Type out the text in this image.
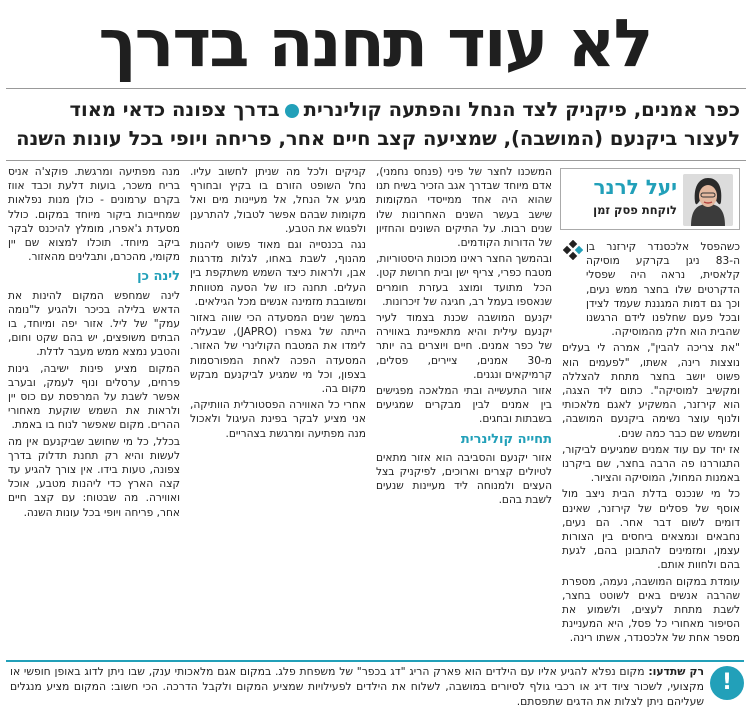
לא עוד תחנה בדרך
כפר אמנים, פיקניק לצד הנחל והפתעה קולינריתבדרך צפונה כדאי מאוד
לעצור ביקנעם (המושבה), שמציעה קצב חיים אחר, פריחה ויופי בכל עונות השנה
יעל לרנר
לוקחת פסק זמן

כשהפסל אלכסנדר קירזנר בן ה-83 ניגן בקרקע מוסיקה קלאסית, נראה היה שפסלי הדקרטים שלו בחצר ממש נעים, וכך גם דמות המגננת שעמד לצידן ובכל פעם שחלפנו לידם הרגשנו שהבית הוא חלק מהמוסיקה.

"את צריכה להבין", אמרה לי בעלים נוצצות רינה, אשתו, "לפעמים הוא פשוט יושב בחצר מתחת להצללה ומקשיב למוסיקה". כתום ליד הצגה, הוא קירזנר, המשקיע לאגם מלאכותי ולנוף עוצר נשימה ביקנעם המושבה, ומשמש שם כבר כמה שנים.

אז יחד עם עוד אמנים שמגיעים לביקור, התגוררנו פה הרבה בחצר, שם ביקרנו באמנות המחול, המוסיקה והציור.

כל מי שנכנס בדלת הבית ניצב מול אוסף של פסלים של קירזנר, שאינם דומים לשום דבר אחר. הם נעים, נחבאים ונמצאים ביחסים בין הצורות עצמן, ומזמינים להתבונן בהם, לגעת בהם ולחוות אותם.

עומדת במקום המושבה, נעמה, מספרת שהרבה אנשים באים לשוטט בחצר, לשבת מתחת לעצים, ולשמוע את הסיפור מאחורי כל פסל, היא המעניינת מספר אחת של אלכסנדר, אשתו רינה.

המשכנו לחצר של פיני (פנחס נחמני), אדם מיוחד שבדרך אגב הזכיר בשיח תנו שהוא היה אחד ממייסדי המקומות שישב בעשר השנים האחרונות שלו שנים רבות. על התיקים השונים והחזיון של הדורות הקודמים.

ובהמשך החצר ראינו מכונות היסטוריות, מטבח כפרי, צריף ישן ובית חרושת קטן. הכל מתועד ומוצג בעזרת חומרים שנאספו בעמל רב, חגיגה של זיכרונות.

יקנעם המושבה שכנת בצמוד לעיר יקנעם עילית והיא מתאפיינת באווירה של כפר אמנים. חיים ויוצרים בה יותר מ-30 אמנים, ציירים, פסלים, קרמיקאים ונגנים.

אזור התעשייה ובתי המלאכה מפגישים בין אמנים לבין מבקרים שמגיעים בשבתות ובחגים.

תחייה קולינרית

אזור יקנעם והסביבה הוא אזור מתאים לטיולים קצרים וארוכים, לפיקניק בצל העצים ולמנוחה ליד מעיינות שנעים לשבת בהם.

קניקים ולכל מה שניתן לחשוב עליו. נחל השופט הזורם בו בקיץ ובחורף מגיע אל הנחל, אל מעיינות מים ואל מקומות שבהם אפשר לטבול, להתרענן ולפגוש את הטבע.

נגה בכנסייה וגם מאוד פשוט ליהנות מהנוף, לשבת באחו, לגלות מדרגות אבן, ולראות כיצד השמש משתקפת בין העלים. תחנה כזו של הסעה מטווחת ומשובבת מזמינה אנשים מכל הגילאים.

במשך שנים המסעדה הכי שווה באזור הייתה של גאפרו (JAPRO), שבעליה לימדו את המטבח הקולינרי של האזור. המסעדה הפכה לאחת המפורסמות בצפון, וכל מי שמגיע לביקנעם מבקש מקום בה.

אחרי כל האווירה הפסטורלית הוותיקה, אני מציע לבקר בפינת העיגול ולאכול מנה מפתיעה ומרגשת בצהריים.

מנה מפתיעה ומרגשת. פוקצ'ה אניס בריח משכר, בועות דלעת וכבד אווז בקרם ערמונים - כולן מנות נפלאות שמחייבות ביקור מיוחד במקום. כולל מסעדת ג'אפרו, מומלץ להיכנס לבקר ביקב מיוחד. תוכלו למצוא שם יין מקומי, מהכרם, ותבלינים מהאזור.

לינה כן

לינה שמחפש המקום להינות את הדאש בלילה בכיכר ולהגיע ל"נומה עמק" של ליל. אזור יפה ומיוחד, בו הבתים משופצים, יש בהם שקט וחום, והטבע נמצא ממש מעבר לדלת.

המקום מציע פינות ישיבה, גינות פרחים, ערסלים ונוף לעמק, ובערב אפשר לשבת על המרפסת עם כוס יין ולראות את השמש שוקעת מאחורי ההרים. מקום שאפשר לנוח בו באמת.

בכלל, כל מי שחושב שביקנעם אין מה לעשות והיא רק תחנת תדלוק בדרך צפונה, טעות בידו. אין צורך להגיע עד קצה הארץ כדי ליהנות מטבע, אוכל ואווירה. מה שבטוח: עם קצב חיים אחר, פריחה ויופי בכל עונות השנה.

!
רק שתדעו: מקום נפלא להגיע אליו עם הילדים הוא פארק הריג "דג בכפר" של משפחת פלג. במקום אגם מלאכותי ענק, שבו ניתן לדוג באופן חופשי או מקצועי, לשכור ציוד דיג או רכבי גולף לסיורים במושבה, לשלוח את הילדים לפעילויות שמציע המקום ולקבל הדרכה. הכי חשוב: המקום מציע מנגלים שעליהם ניתן לצלות את הדגים שתפסתם.
